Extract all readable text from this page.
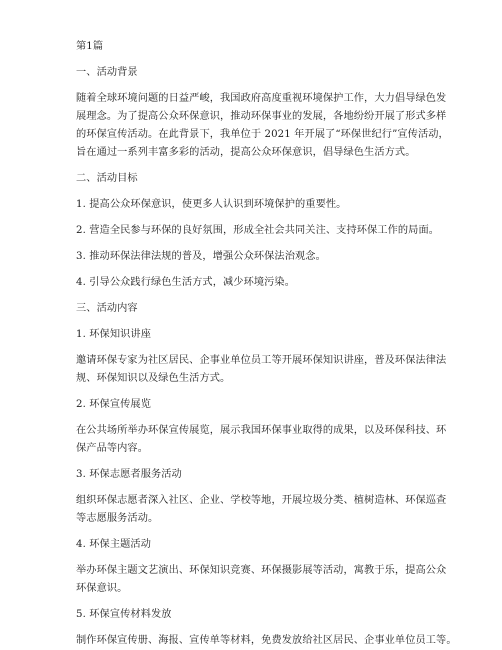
第1篇
一、活动背景
随着全球环境问题的日益严峻，我国政府高度重视环境保护工作，大力倡导绿色发
展理念。为了提高公众环保意识，推动环保事业的发展，各地纷纷开展了形式多样
的环保宣传活动。在此背景下，我单位于 2021 年开展了“环保世纪行”宣传活动，
旨在通过一系列丰富多彩的活动，提高公众环保意识，倡导绿色生活方式。
二、活动目标
1. 提高公众环保意识，使更多人认识到环境保护的重要性。
2. 营造全民参与环保的良好氛围，形成全社会共同关注、支持环保工作的局面。
3. 推动环保法律法规的普及，增强公众环保法治观念。
4. 引导公众践行绿色生活方式，减少环境污染。
三、活动内容
1. 环保知识讲座
邀请环保专家为社区居民、企事业单位员工等开展环保知识讲座，普及环保法律法
规、环保知识以及绿色生活方式。
2. 环保宣传展览
在公共场所举办环保宣传展览，展示我国环保事业取得的成果，以及环保科技、环
保产品等内容。
3. 环保志愿者服务活动
组织环保志愿者深入社区、企业、学校等地，开展垃圾分类、植树造林、环保巡查
等志愿服务活动。
4. 环保主题活动
举办环保主题文艺演出、环保知识竞赛、环保摄影展等活动，寓教于乐，提高公众
环保意识。
5. 环保宣传材料发放
制作环保宣传册、海报、宣传单等材料，免费发放给社区居民、企事业单位员工等。
